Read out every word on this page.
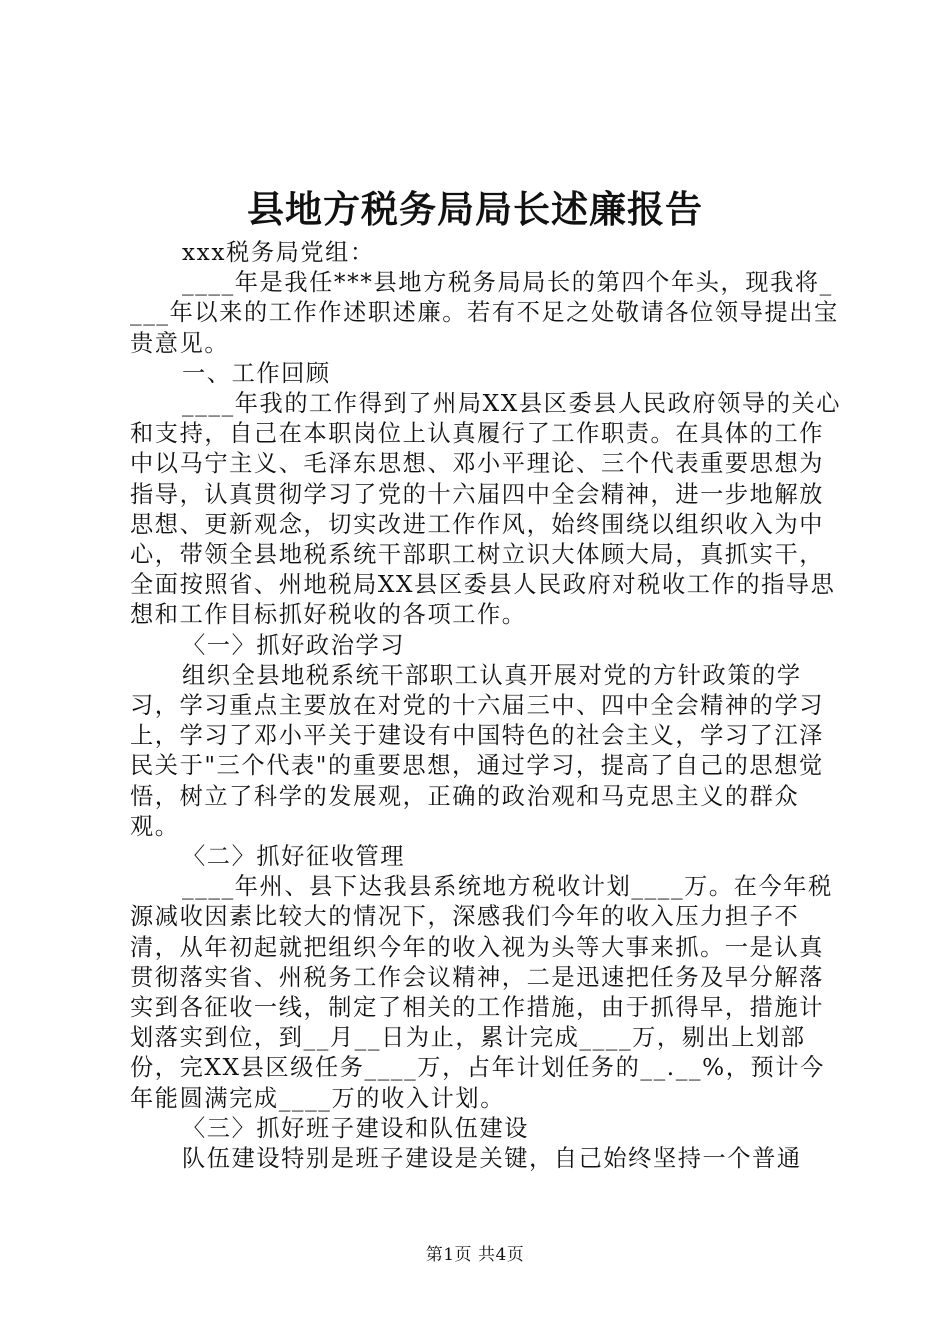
县地方税务局局长述廉报告

xxx税务局党组：

____年是我任***县地方税务局局长的第四个年头，现我将____年以来的工作作述职述廉。若有不足之处敬请各位领导提出宝贵意见。

一、工作回顾

____年我的工作得到了州局XX县区委县人民政府领导的关心和支持，自己在本职岗位上认真履行了工作职责。在具体的工作中以马宁主义、毛泽东思想、邓小平理论、三个代表重要思想为指导，认真贯彻学习了党的十六届四中全会精神，进一步地解放思想、更新观念，切实改进工作作风，始终围绕以组织收入为中心，带领全县地税系统干部职工树立识大体顾大局，真抓实干，全面按照省、州地税局XX县区委县人民政府对税收工作的指导思想和工作目标抓好税收的各项工作。

〈一〉抓好政治学习

组织全县地税系统干部职工认真开展对党的方针政策的学习，学习重点主要放在对党的十六届三中、四中全会精神的学习上，学习了邓小平关于建设有中国特色的社会主义，学习了江泽民关于"三个代表"的重要思想，通过学习，提高了自己的思想觉悟，树立了科学的发展观，正确的政治观和马克思主义的群众观。

〈二〉抓好征收管理

____年州、县下达我县系统地方税收计划____万。在今年税源减收因素比较大的情况下，深感我们今年的收入压力担子不清，从年初起就把组织今年的收入视为头等大事来抓。一是认真贯彻落实省、州税务工作会议精神，二是迅速把任务及早分解落实到各征收一线，制定了相关的工作措施，由于抓得早，措施计划落实到位，到__月__日为止，累计完成____万，剔出上划部份，完XX县区级任务____万，占年计划任务的__.__%，预计今年能圆满完成____万的收入计划。

〈三〉抓好班子建设和队伍建设

队伍建设特别是班子建设是关键，自己始终坚持一个普通

第1页 共4页
